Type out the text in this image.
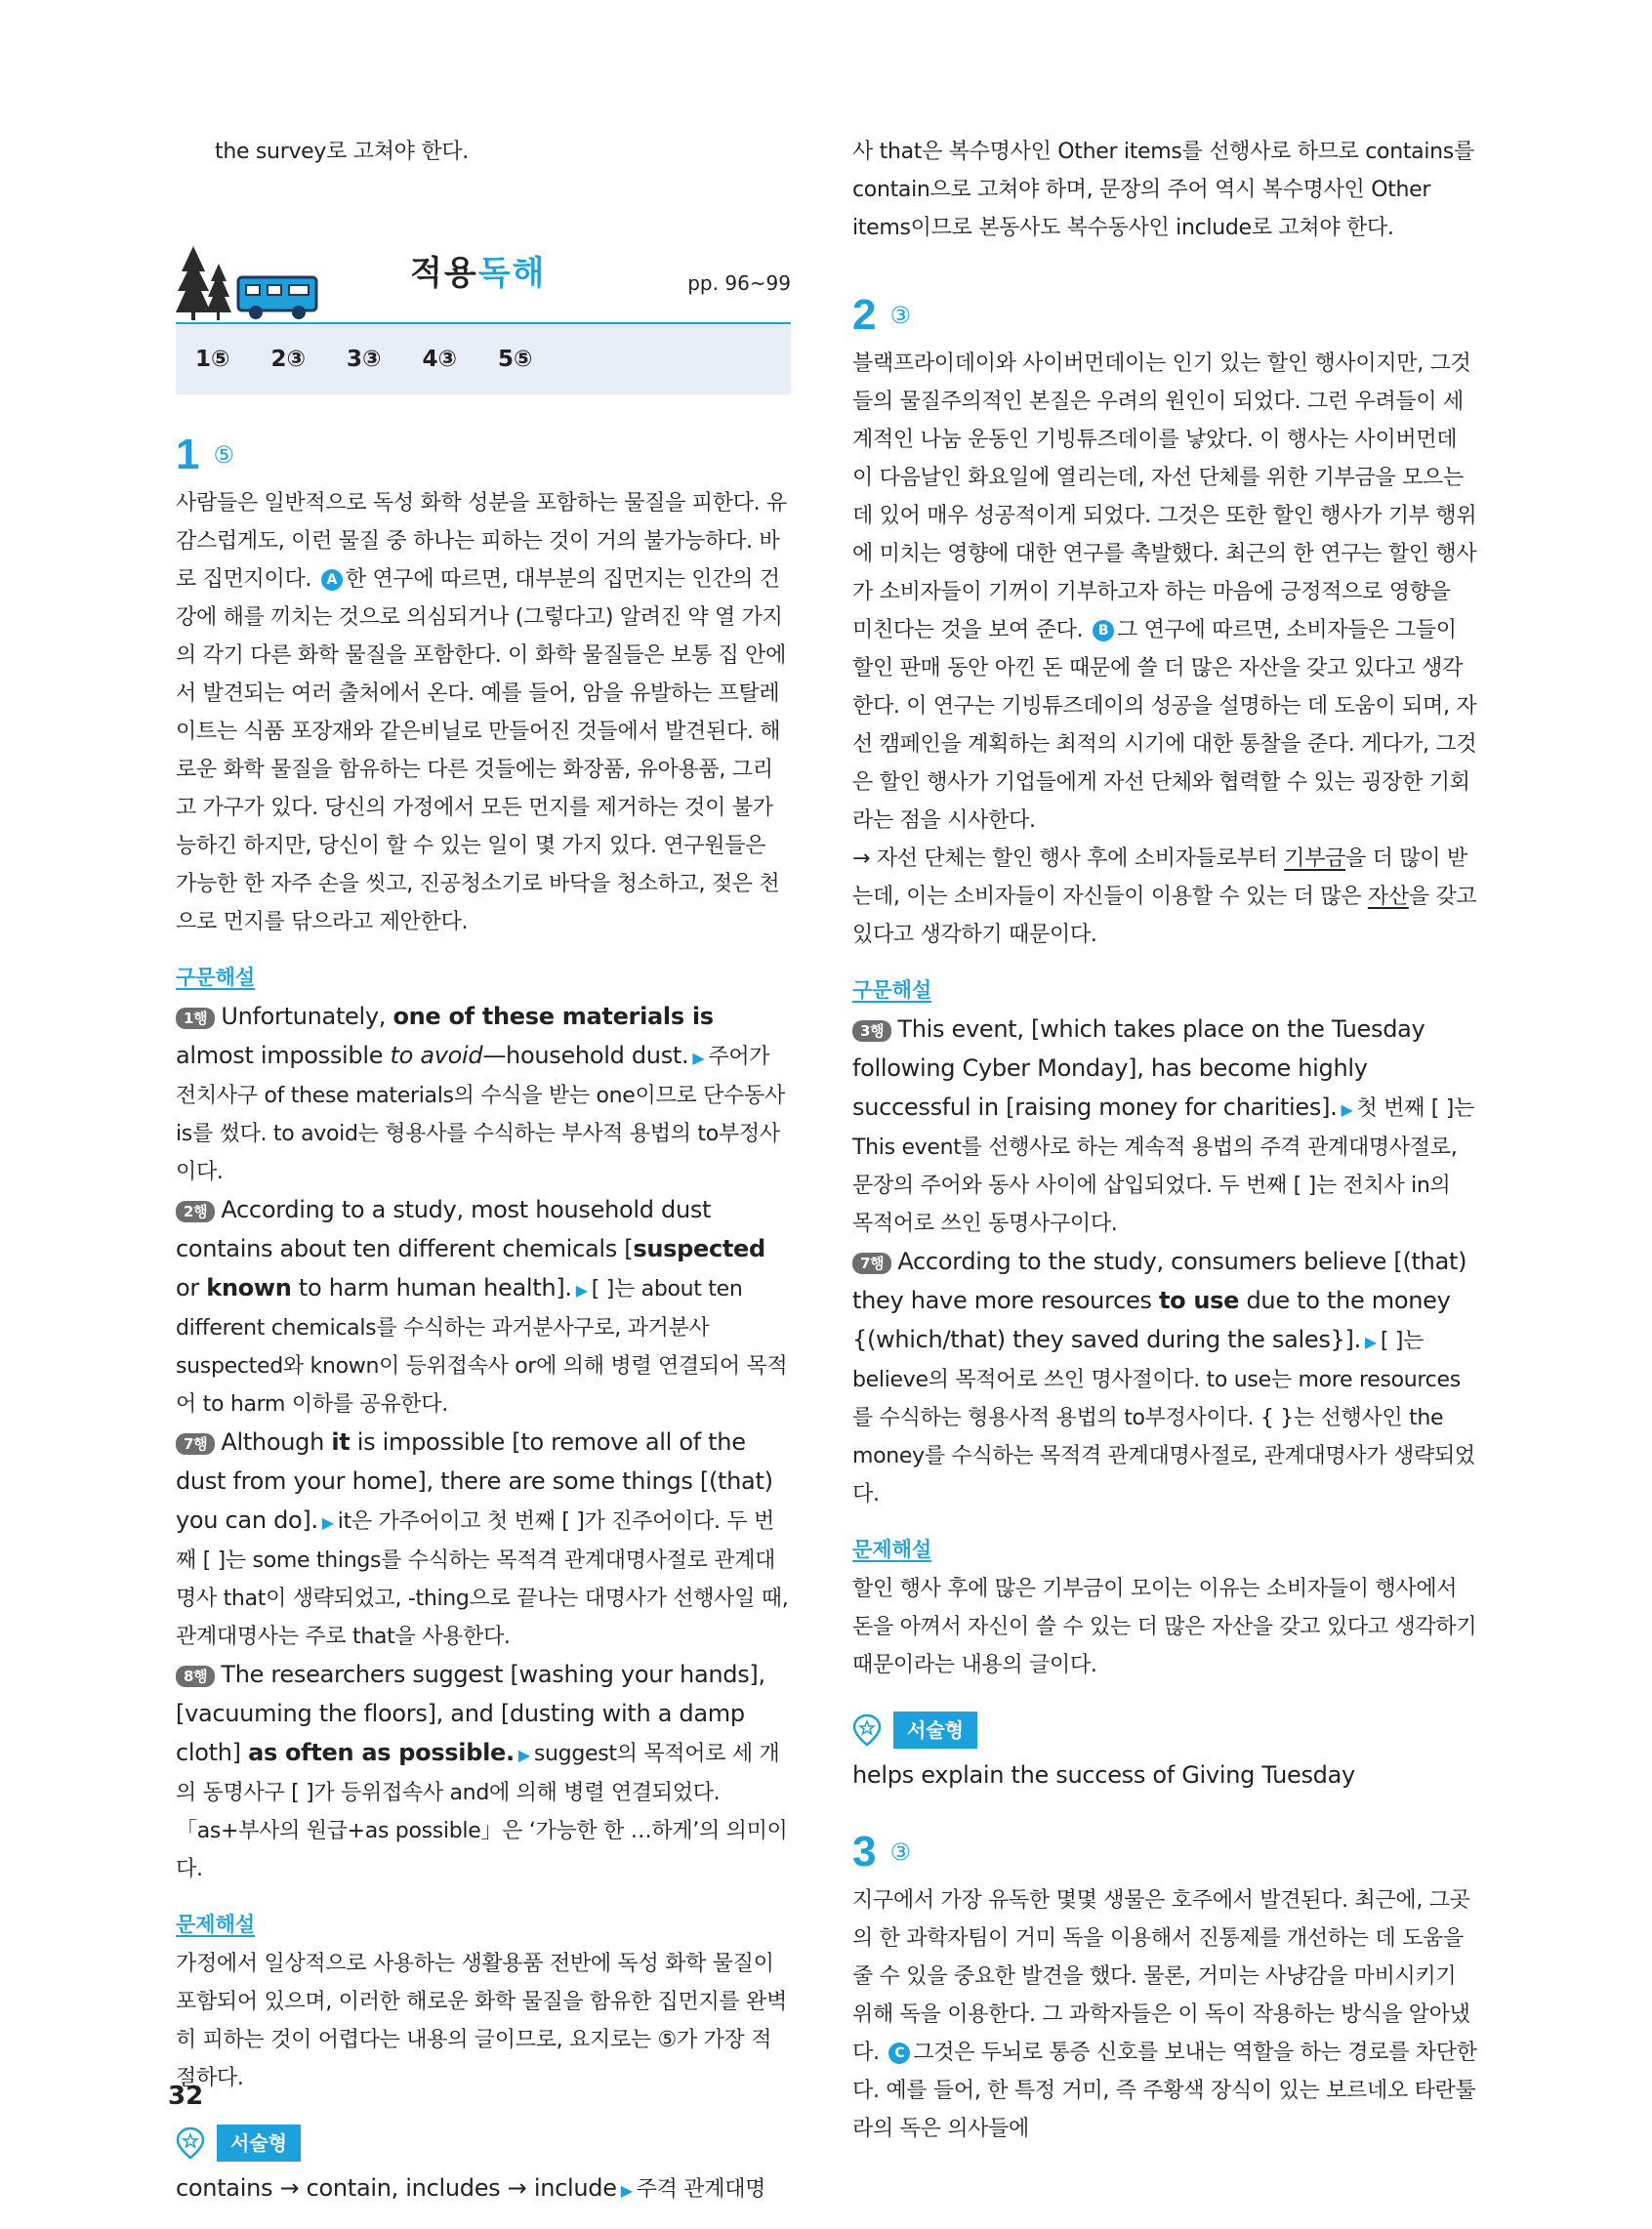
the survey로 고쳐야 한다.

적용독해	pp. 96~99
1⑤ 2③ 3③ 4③ 5⑤
1 ⑤

사람들은 일반적으로 독성 화학 성분을 포함하는 물질을 피한다. 유감스럽게도, 이런 물질 중 하나는 피하는 것이 거의 불가능하다. 바로 집먼지이다. A 한 연구에 따르면, 대부분의 집먼지는 인간의 건강에 해를 끼치는 것으로 의심되거나 (그렇다고) 알려진 약 열 가지의 각기 다른 화학 물질을 포함한다. 이 화학 물질들은 보통 집 안에서 발견되는 여러 출처에서 온다. 예를 들어, 암을 유발하는 프탈레이트는 식품 포장재와 같은비닐로 만들어진 것들에서 발견된다. 해로운 화학 물질을 함유하는 다른 것들에는 화장품, 유아용품, 그리고 가구가 있다. 당신의 가정에서 모든 먼지를 제거하는 것이 불가능하긴 하지만, 당신이 할 수 있는 일이 몇 가지 있다. 연구원들은 가능한 한 자주 손을 씻고, 진공청소기로 바닥을 청소하고, 젖은 천으로 먼지를 닦으라고 제안한다.

구문해설

1행 Unfortunately, one of these materials is almost impossible to avoid—household dust. ▶ 주어가 전치사구 of these materials의 수식을 받는 one이므로 단수동사 is를 썼다. to avoid는 형용사를 수식하는 부사적 용법의 to부정사이다.

2행 According to a study, most household dust contains about ten different chemicals [suspected or known to harm human health]. ▶ [ ]는 about ten different chemicals를 수식하는 과거분사구로, 과거분사 suspected와 known이 등위접속사 or에 의해 병렬 연결되어 목적어 to harm 이하를 공유한다.

7행 Although it is impossible [to remove all of the dust from your home], there are some things [(that) you can do]. ▶ it은 가주어이고 첫 번째 [ ]가 진주어이다. 두 번째 [ ]는 some things를 수식하는 목적격 관계대명사절로 관계대명사 that이 생략되었고, -thing으로 끝나는 대명사가 선행사일 때, 관계대명사는 주로 that을 사용한다.

8행 The researchers suggest [washing your hands], [vacuuming the floors], and [dusting with a damp cloth] as often as possible. ▶ suggest의 목적어로 세 개의 동명사구 [ ]가 등위접속사 and에 의해 병렬 연결되었다. 「as+부사의 원급+as possible」은 ‘가능한 한 …하게’의 의미이다.

문제해설

가정에서 일상적으로 사용하는 생활용품 전반에 독성 화학 물질이 포함되어 있으며, 이러한 해로운 화학 물질을 함유한 집먼지를 완벽히 피하는 것이 어렵다는 내용의 글이므로, 요지로는 ⑤가 가장 적절하다.

서술형

contains → contain, includes → include ▶ 주격 관계대명

32

사 that은 복수명사인 Other items를 선행사로 하므로 contains를 contain으로 고쳐야 하며, 문장의 주어 역시 복수명사인 Other items이므로 본동사도 복수동사인 include로 고쳐야 한다.

2 ③

블랙프라이데이와 사이버먼데이는 인기 있는 할인 행사이지만, 그것들의 물질주의적인 본질은 우려의 원인이 되었다. 그런 우려들이 세계적인 나눔 운동인 기빙튜즈데이를 낳았다. 이 행사는 사이버먼데이 다음날인 화요일에 열리는데, 자선 단체를 위한 기부금을 모으는 데 있어 매우 성공적이게 되었다. 그것은 또한 할인 행사가 기부 행위에 미치는 영향에 대한 연구를 촉발했다. 최근의 한 연구는 할인 행사가 소비자들이 기꺼이 기부하고자 하는 마음에 긍정적으로 영향을 미친다는 것을 보여 준다. B 그 연구에 따르면, 소비자들은 그들이 할인 판매 동안 아낀 돈 때문에 쓸 더 많은 자산을 갖고 있다고 생각한다. 이 연구는 기빙튜즈데이의 성공을 설명하는 데 도움이 되며, 자선 캠페인을 계획하는 최적의 시기에 대한 통찰을 준다. 게다가, 그것은 할인 행사가 기업들에게 자선 단체와 협력할 수 있는 굉장한 기회라는 점을 시사한다.

→ 자선 단체는 할인 행사 후에 소비자들로부터 기부금을 더 많이 받는데, 이는 소비자들이 자신들이 이용할 수 있는 더 많은 자산을 갖고 있다고 생각하기 때문이다.

구문해설

3행 This event, [which takes place on the Tuesday following Cyber Monday], has become highly successful in [raising money for charities]. ▶ 첫 번째 [ ]는 This event를 선행사로 하는 계속적 용법의 주격 관계대명사절로, 문장의 주어와 동사 사이에 삽입되었다. 두 번째 [ ]는 전치사 in의 목적어로 쓰인 동명사구이다.

7행 According to the study, consumers believe [(that) they have more resources to use due to the money {(which/that) they saved during the sales}]. ▶ [ ]는 believe의 목적어로 쓰인 명사절이다. to use는 more resources를 수식하는 형용사적 용법의 to부정사이다. { }는 선행사인 the money를 수식하는 목적격 관계대명사절로, 관계대명사가 생략되었다.

문제해설

할인 행사 후에 많은 기부금이 모이는 이유는 소비자들이 행사에서 돈을 아껴서 자신이 쓸 수 있는 더 많은 자산을 갖고 있다고 생각하기 때문이라는 내용의 글이다.

서술형

helps explain the success of Giving Tuesday

3 ③

지구에서 가장 유독한 몇몇 생물은 호주에서 발견된다. 최근에, 그곳의 한 과학자팀이 거미 독을 이용해서 진통제를 개선하는 데 도움을 줄 수 있을 중요한 발견을 했다. 물론, 거미는 사냥감을 마비시키기 위해 독을 이용한다. 그 과학자들은 이 독이 작용하는 방식을 알아냈다. C 그것은 두뇌로 통증 신호를 보내는 역할을 하는 경로를 차단한다. 예를 들어, 한 특정 거미, 즉 주황색 장식이 있는 보르네오 타란툴라의 독은 의사들에
